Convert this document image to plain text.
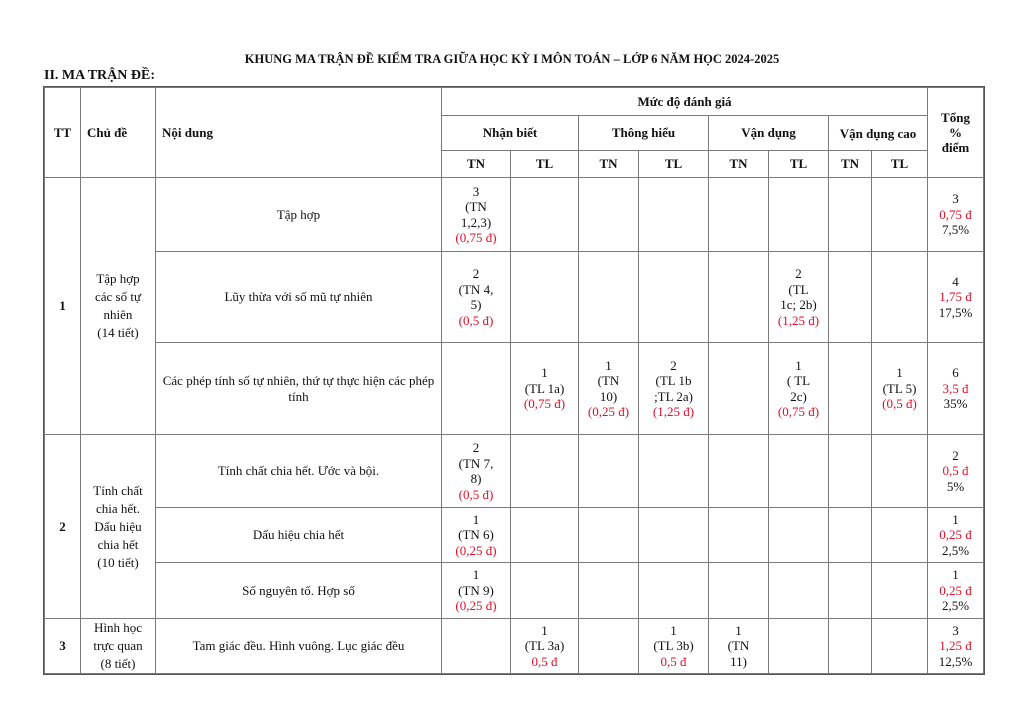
KHUNG MA TRẬN ĐỀ KIỂM TRA GIỮA HỌC KỲ I MÔN TOÁN – LỚP 6 NĂM HỌC 2024-2025
II. MA TRẬN ĐỀ:
TT	Chủ đề	Nội dung	Mức độ đánh giá								Tổng
%
điểm

			Nhận biết		Thông hiểu		Vận dụng		Vận dụng cao		
			TN	TL	TN	TL	TN	TL	TN	TL	
1	Tập hợp
các số tự
nhiên
(14 tiết)	Tập hợp	3
(TN
1,2,3)
(0,75 đ)								3
0,75 đ
7,5%

		Lũy thừa với số mũ tự nhiên	2
(TN 4,
5)
(0,5 đ)					2
(TL
1c; 2b)
(1,25 đ)			4
1,75 đ
17,5%

		Các phép tính số tự nhiên, thứ tự thực hiện các phép tính		1
(TL 1a)
(0,75 đ)	1
(TN
10)
(0,25 đ)	2
(TL 1b
;TL 2a)
(1,25 đ)		1
( TL
2c)
(0,75 đ)		1
(TL 5)
(0,5 đ)	6
3,5 đ
35%

2	Tính chất
chia hết.
Dấu hiệu
chia hết
(10 tiết)	Tính chất chia hết. Ước và bội.	2
(TN 7,
8)
(0,5 đ)								2
0,5 đ
5%

		Dấu hiệu chia hết	1
(TN 6)
(0,25 đ)								1
0,25 đ
2,5%

		Số nguyên tố. Hợp số	1
(TN 9)
(0,25 đ)								1
0,25 đ
2,5%

3	Hình học
trực quan
(8 tiết)	Tam giác đều. Hình vuông. Lục giác đều		1
(TL 3a)
0,5 đ		1
(TL 3b)
0,5 đ	1
(TN
11)				3
1,25 đ
12,5%
